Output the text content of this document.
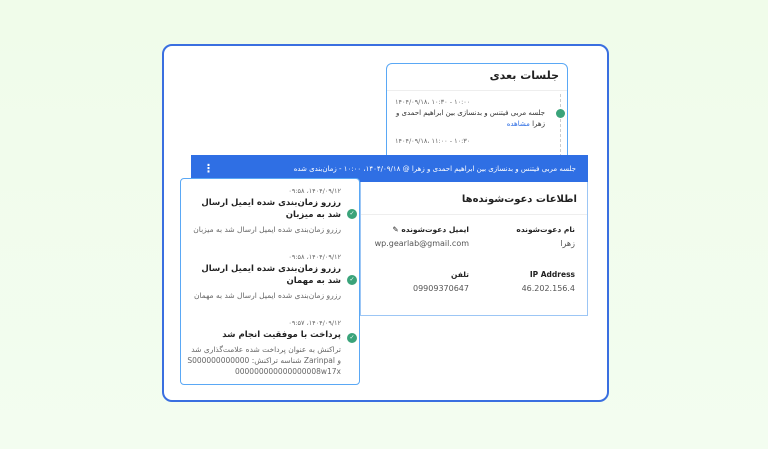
جلسات بعدی
۱۰:۰۰ - ۱۰:۳۰ ،۱۴۰۴/۰۹/۱۸
جلسه مربی فیتنس و بدنسازی بین ابراهیم احمدی و زهرا مشاهده
۱۰:۳۰ - ۱۱:۰۰ ،۱۴۰۴/۰۹/۱۸
جلسه مربی فیتنس و بدنسازی بین ابراهیم احمدی و زهرا @ ۱۴۰۴/۰۹/۱۸، ۱۰:۰۰ - زمان‌بندی شده
⋮
اطلاعات دعوت‌شونده‌ها
نام دعوت‌شونده
زهرا
ایمیل دعوت‌شونده ✎
wp.gearlab@gmail.com
IP Address
46.202.156.4
تلفن
09909370647
✓
۱۴۰۴/۰۹/۱۲، ۰۹:۵۸
رزرو زمان‌بندی شده ایمیل ارسال شد به میزبان
رزرو زمان‌بندی شده ایمیل ارسال شد به میزبان
✓
۱۴۰۴/۰۹/۱۲، ۰۹:۵۸
رزرو زمان‌بندی شده ایمیل ارسال شد به مهمان
رزرو زمان‌بندی شده ایمیل ارسال شد به مهمان
✓
۱۴۰۴/۰۹/۱۲، ۰۹:۵۷
پرداخت با موفقیت انجام شد
تراکنش به عنوان پرداخت شده علامت‌گذاری شد و Zarinpal شناسه تراکنش: S000000000000000000000000000008w17x
